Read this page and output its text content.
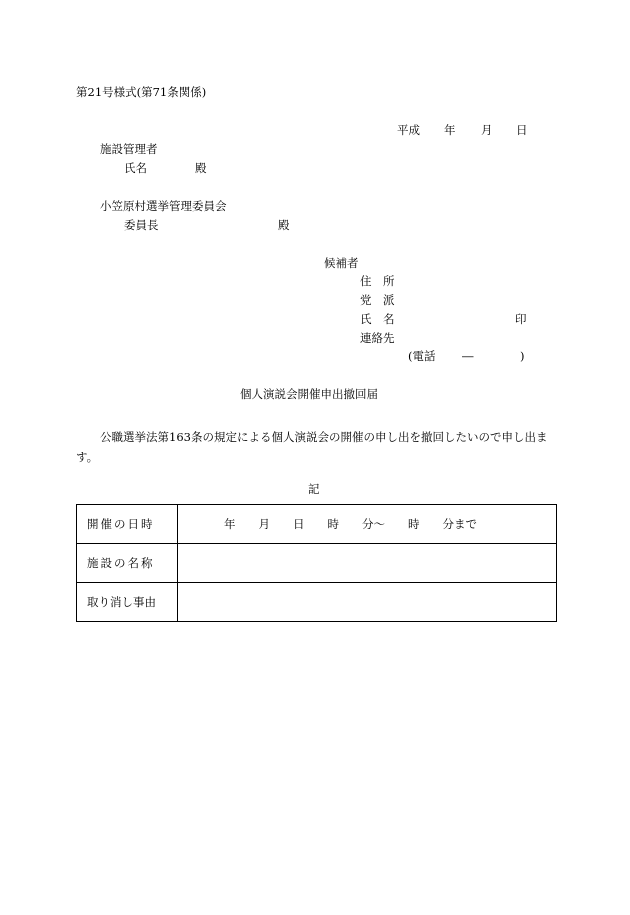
第21号様式(第71条関係)
平成 年 月 日
施設管理者
氏名	殿
小笠原村選挙管理委員会
委員長	殿
候補者
住　所
党　派
氏　名	印
連絡先
(電話 ―	)
個人演説会開催申出撤回届
公職選挙法第163条の規定による個人演説会の開催の申し出を撤回したいので申し出ます。
記
開催の日時	年　　月　　日　　時　　分〜　　時　　分まで
施設の名称	
取り消し事由	
